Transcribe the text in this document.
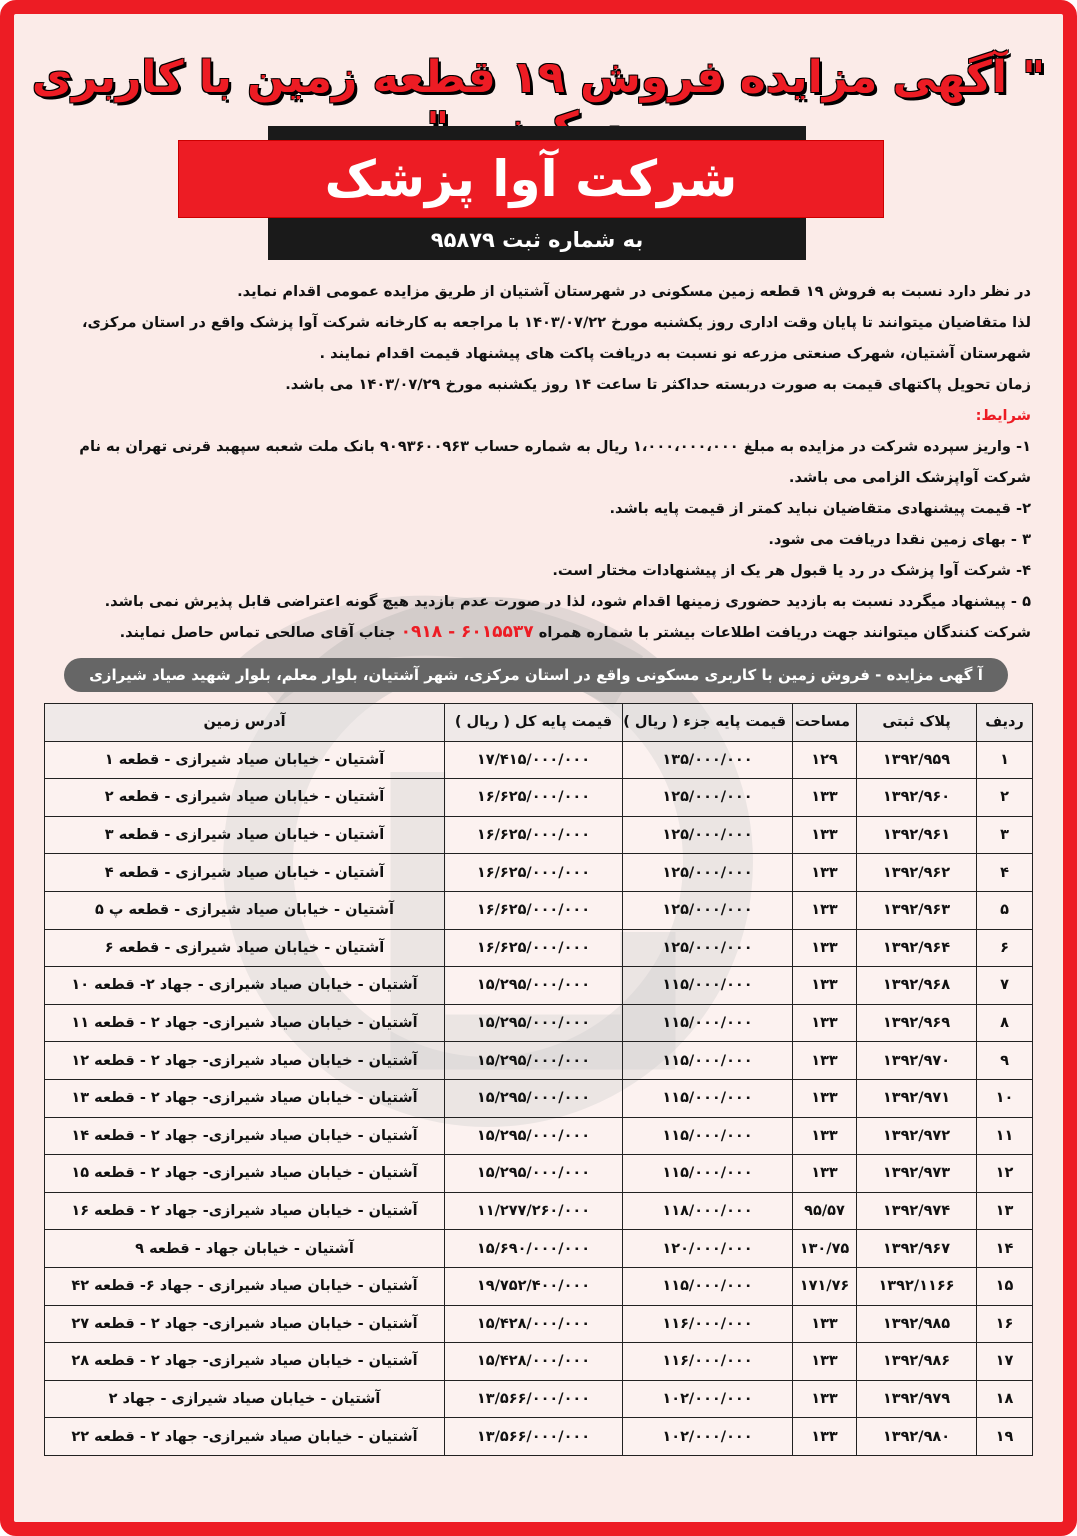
" آگهی مزایده فروش ۱۹ قطعه زمین با کاربری
شرکت آوا پزشک
به شماره ثبت ۹۵۸۷۹

در نظر دارد نسبت به فروش ۱۹ قطعه زمین مسکونی در شهرستان آشتیان از طریق مزایده عمومی اقدام نماید.

لذا متقاضیان میتوانند تا پایان وقت اداری روز یکشنبه مورخ ۱۴۰۳/۰۷/۲۲ با مراجعه به کارخانه شرکت آوا پزشک واقع در استان مرکزی، شهرستان آشتیان، شهرک صنعتی مزرعه نو نسبت به دریافت پاکت های پیشنهاد قیمت اقدام نمایند .

زمان تحویل پاکتهای قیمت به صورت دربسته حداکثر تا ساعت ۱۴ روز یکشنبه مورخ ۱۴۰۳/۰۷/۲۹ می باشد.

شرایط:

۱- واریز سپرده شرکت در مزایده به مبلغ ۱،۰۰۰،۰۰۰،۰۰۰ ریال به شماره حساب ۹۰۹۳۶۰۰۹۶۳ بانک ملت شعبه سپهبد قرنی تهران به نام شرکت آواپزشک الزامی می باشد.

۲- قیمت پیشنهادی متقاضیان نباید کمتر از قیمت پایه باشد.

۳ - بهای زمین نقدا دریافت می شود.

۴- شرکت آوا پزشک در رد یا قبول هر یک از پیشنهادات مختار است.

۵ - پیشنهاد میگردد نسبت به بازدید حضوری زمینها اقدام شود، لذا در صورت عدم بازدید هیچ گونه اعتراضی قابل پذیرش نمی باشد.

شرکت کنندگان میتوانند جهت دریافت اطلاعات بیشتر با شماره همراه ۰۹۱۸ - ۶۰۱۵۵۳۷ جناب آقای صالحی تماس حاصل نمایند.

آ گهی مزایده - فروش زمین با کاربری مسکونی واقع در استان مرکزی، شهر آشتیان، بلوار معلم، بلوار شهید صیاد شیرازی
ردیف	پلاک ثبتی	مساحت	قیمت پایه جزء ( ریال )	قیمت پایه کل ( ریال )	آدرس زمین
۱	۱۳۹۲/۹۵۹	۱۲۹	۱۳۵/۰۰۰/۰۰۰	۱۷/۴۱۵/۰۰۰/۰۰۰	آشتیان - خیابان صیاد شیرازی - قطعه ۱
۲	۱۳۹۲/۹۶۰	۱۳۳	۱۲۵/۰۰۰/۰۰۰	۱۶/۶۲۵/۰۰۰/۰۰۰	آشتیان - خیابان صیاد شیرازی - قطعه ۲
۳	۱۳۹۲/۹۶۱	۱۳۳	۱۲۵/۰۰۰/۰۰۰	۱۶/۶۲۵/۰۰۰/۰۰۰	آشتیان - خیابان صیاد شیرازی - قطعه ۳
۴	۱۳۹۲/۹۶۲	۱۳۳	۱۲۵/۰۰۰/۰۰۰	۱۶/۶۲۵/۰۰۰/۰۰۰	آشتیان - خیابان صیاد شیرازی - قطعه ۴
۵	۱۳۹۲/۹۶۳	۱۳۳	۱۲۵/۰۰۰/۰۰۰	۱۶/۶۲۵/۰۰۰/۰۰۰	آشتیان - خیابان صیاد شیرازی - قطعه پ ۵
۶	۱۳۹۲/۹۶۴	۱۳۳	۱۲۵/۰۰۰/۰۰۰	۱۶/۶۲۵/۰۰۰/۰۰۰	آشتیان - خیابان صیاد شیرازی - قطعه ۶
۷	۱۳۹۲/۹۶۸	۱۳۳	۱۱۵/۰۰۰/۰۰۰	۱۵/۲۹۵/۰۰۰/۰۰۰	آشتیان - خیابان صیاد شیرازی - جهاد ۲- قطعه ۱۰
۸	۱۳۹۲/۹۶۹	۱۳۳	۱۱۵/۰۰۰/۰۰۰	۱۵/۲۹۵/۰۰۰/۰۰۰	آشتیان - خیابان صیاد شیرازی- جهاد ۲ - قطعه ۱۱
۹	۱۳۹۲/۹۷۰	۱۳۳	۱۱۵/۰۰۰/۰۰۰	۱۵/۲۹۵/۰۰۰/۰۰۰	آشتیان - خیابان صیاد شیرازی- جهاد ۲ - قطعه ۱۲
۱۰	۱۳۹۲/۹۷۱	۱۳۳	۱۱۵/۰۰۰/۰۰۰	۱۵/۲۹۵/۰۰۰/۰۰۰	آشتیان - خیابان صیاد شیرازی- جهاد ۲ - قطعه ۱۳
۱۱	۱۳۹۲/۹۷۲	۱۳۳	۱۱۵/۰۰۰/۰۰۰	۱۵/۲۹۵/۰۰۰/۰۰۰	آشتیان - خیابان صیاد شیرازی- جهاد ۲ - قطعه ۱۴
۱۲	۱۳۹۲/۹۷۳	۱۳۳	۱۱۵/۰۰۰/۰۰۰	۱۵/۲۹۵/۰۰۰/۰۰۰	آشتیان - خیابان صیاد شیرازی- جهاد ۲ - قطعه ۱۵
۱۳	۱۳۹۲/۹۷۴	۹۵/۵۷	۱۱۸/۰۰۰/۰۰۰	۱۱/۲۷۷/۲۶۰/۰۰۰	آشتیان - خیابان صیاد شیرازی- جهاد ۲ - قطعه ۱۶
۱۴	۱۳۹۲/۹۶۷	۱۳۰/۷۵	۱۲۰/۰۰۰/۰۰۰	۱۵/۶۹۰/۰۰۰/۰۰۰	آشتیان - خیابان جهاد - قطعه ۹
۱۵	۱۳۹۲/۱۱۶۶	۱۷۱/۷۶	۱۱۵/۰۰۰/۰۰۰	۱۹/۷۵۲/۴۰۰/۰۰۰	آشتیان - خیابان صیاد شیرازی - جهاد ۶- قطعه ۴۲
۱۶	۱۳۹۲/۹۸۵	۱۳۳	۱۱۶/۰۰۰/۰۰۰	۱۵/۴۲۸/۰۰۰/۰۰۰	آشتیان - خیابان صیاد شیرازی- جهاد ۲ - قطعه ۲۷
۱۷	۱۳۹۲/۹۸۶	۱۳۳	۱۱۶/۰۰۰/۰۰۰	۱۵/۴۲۸/۰۰۰/۰۰۰	آشتیان - خیابان صیاد شیرازی- جهاد ۲ - قطعه ۲۸
۱۸	۱۳۹۲/۹۷۹	۱۳۳	۱۰۲/۰۰۰/۰۰۰	۱۳/۵۶۶/۰۰۰/۰۰۰	آشتیان - خیابان صیاد شیرازی - جهاد ۲
۱۹	۱۳۹۲/۹۸۰	۱۳۳	۱۰۲/۰۰۰/۰۰۰	۱۳/۵۶۶/۰۰۰/۰۰۰	آشتیان - خیابان صیاد شیرازی- جهاد ۲ - قطعه ۲۲
